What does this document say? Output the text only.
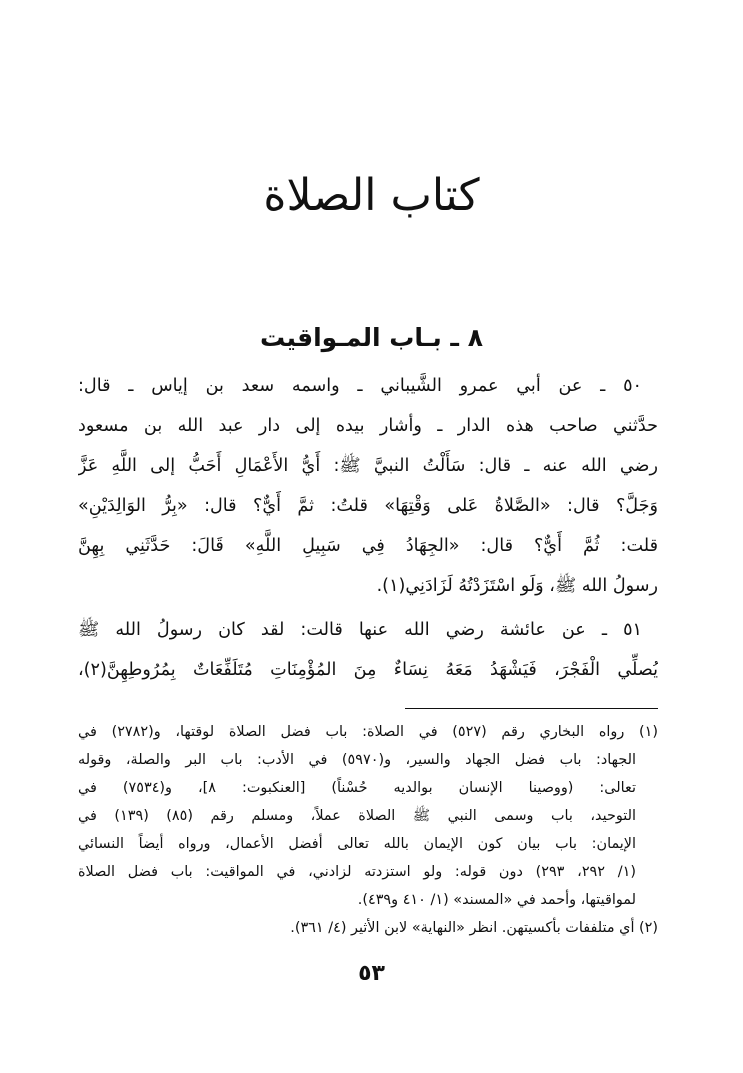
كتاب الصلاة
٨ ـ بـاب المـواقيت
٥٠ ـ عن أبي عمرو الشَّيباني ـ واسمه سعد بن إياس ـ قال:
حدَّثني صاحب هذه الدار ـ وأشار بيده إلى دار عبد الله بن مسعود
رضي الله عنه ـ قال: سَأَلْتُ النبيَّ ﷺ: أَيُّ الأَعْمَالِ أَحَبُّ إلى اللَّهِ عَزَّ
وَجَلَّ؟ قال: «الصَّلاةُ عَلى وَقْتِهَا» قلتُ: ثمَّ أَيٌّ؟ قال: «بِرُّ الوَالِدَيْنِ»
قلت: ثُمَّ أَيٌّ؟ قال: «الجِهَادُ فِي سَبِيلِ اللَّهِ» قَالَ: حَدَّثَنِي بِهِنَّ
رسولُ الله ﷺ، وَلَو اسْتَزَدْتُهُ لَزَادَنِي(١).
٥١ ـ عن عائشة رضي الله عنها قالت: لقد كان رسولُ الله ﷺ
يُصلِّي الْفَجْرَ، فَيَشْهَدُ مَعَهُ نِسَاءٌ مِنَ المُؤْمِنَاتِ مُتَلَفِّعَاتٌ بِمُرُوطِهِنَّ(٢)،
(١) رواه البخاري رقم (٥٢٧) في الصلاة: باب فضل الصلاة لوقتها، و(٢٧٨٢) في
الجهاد: باب فضل الجهاد والسير، و(٥٩٧٠) في الأدب: باب البر والصلة، وقوله
تعالى: (ووصينا الإنسان بوالديه حُسْناً) [العنكبوت: ٨]، و(٧٥٣٤) في
التوحيد، باب وسمى النبي ﷺ الصلاة عملاً، ومسلم رقم (٨٥) (١٣٩) في
الإيمان: باب بيان كون الإيمان بالله تعالى أفضل الأعمال، ورواه أيضاً النسائي
(١/ ٢٩٢، ٢٩٣) دون قوله: ولو استزدته لزادني، في المواقيت: باب فضل الصلاة
لمواقيتها، وأحمد في «المسند» (١/ ٤١٠ و٤٣٩).
(٢) أي متلففات بأكسيتهن. انظر «النهاية» لابن الأثير (٤/ ٣٦١).
٥٣
